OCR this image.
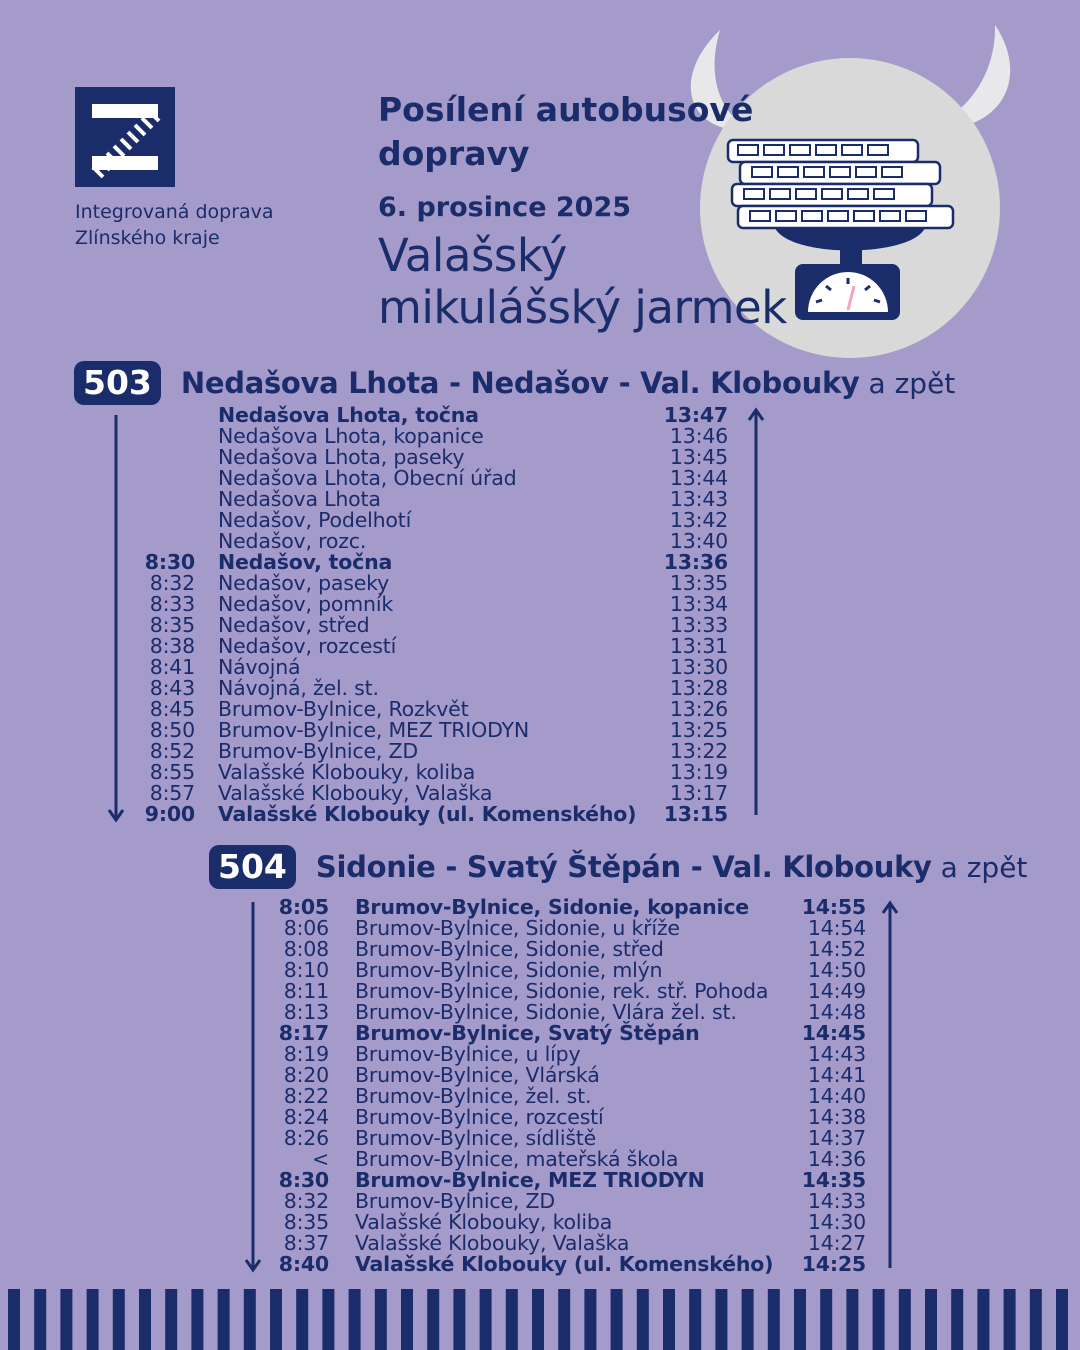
Integrovaná doprava
Zlínského kraje
Posílení autobusové
dopravy
6. prosince 2025
Valašský
mikulášský jarmek
503	Nedašova Lhota - Nedašov - Val. Klobouky a zpět
Nedašova Lhota, točna	13:47
Nedašova Lhota, kopanice	13:46
Nedašova Lhota, paseky	13:45
Nedašova Lhota, Obecní úřad	13:44
Nedašova Lhota	13:43
Nedašov, Podelhotí	13:42
Nedašov, rozc.	13:40
8:30 Nedašov, točna	13:36
8:32 Nedašov, paseky	13:35
8:33 Nedašov, pomník	13:34
8:35 Nedašov, střed	13:33
8:38 Nedašov, rozcestí	13:31
8:41 Návojná	13:30
8:43 Návojná, žel. st.	13:28
8:45 Brumov-Bylnice, Rozkvět	13:26
8:50 Brumov-Bylnice, MEZ TRIODYN	13:25
8:52 Brumov-Bylnice, ZD	13:22
8:55 Valašské Klobouky, koliba	13:19
8:57 Valašské Klobouky, Valaška	13:17
9:00 Valašské Klobouky (ul. Komenského)	13:15
504	Sidonie - Svatý Štěpán - Val. Klobouky a zpět
8:05 Brumov-Bylnice, Sidonie, kopanice	14:55
8:06 Brumov-Bylnice, Sidonie, u kříže	14:54
8:08 Brumov-Bylnice, Sidonie, střed	14:52
8:10 Brumov-Bylnice, Sidonie, mlýn	14:50
8:11 Brumov-Bylnice, Sidonie, rek. stř. Pohoda	14:49
8:13 Brumov-Bylnice, Sidonie, Vlára žel. st.	14:48
8:17 Brumov-Bylnice, Svatý Štěpán	14:45
8:19 Brumov-Bylnice, u lípy	14:43
8:20 Brumov-Bylnice, Vlárská	14:41
8:22 Brumov-Bylnice, žel. st.	14:40
8:24 Brumov-Bylnice, rozcestí	14:38
8:26 Brumov-Bylnice, sídliště	14:37
< Brumov-Bylnice, mateřská škola	14:36
8:30 Brumov-Bylnice, MEZ TRIODYN	14:35
8:32 Brumov-Bylnice, ZD	14:33
8:35 Valašské Klobouky, koliba	14:30
8:37 Valašské Klobouky, Valaška	14:27
8:40 Valašské Klobouky (ul. Komenského)	14:25
